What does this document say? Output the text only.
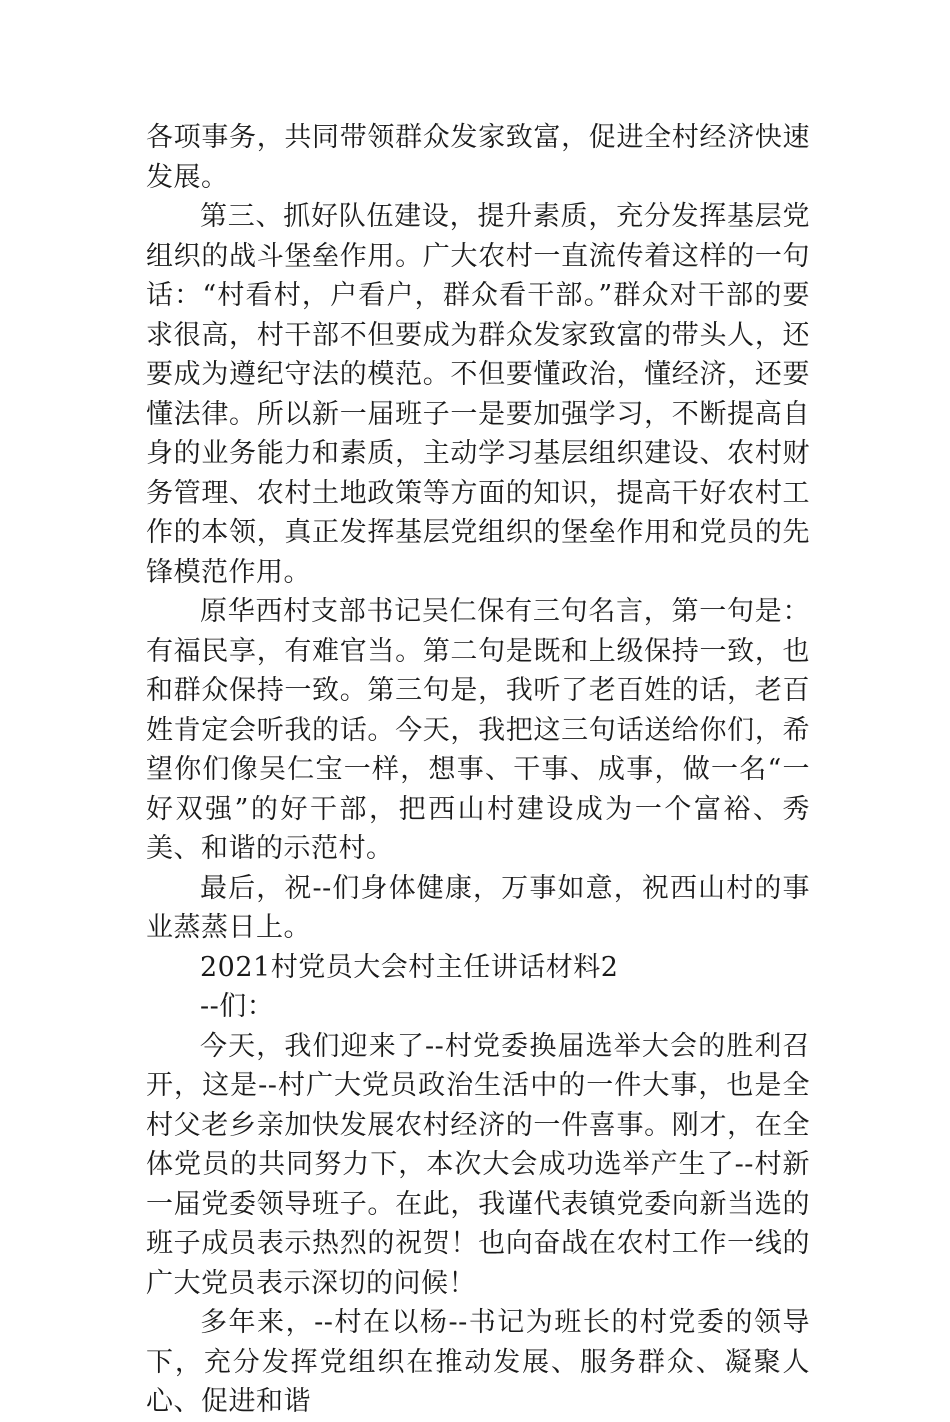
各项事务，共同带领群众发家致富，促进全村经济快速发展。

第三、抓好队伍建设，提升素质，充分发挥基层党组织的战斗堡垒作用。广大农村一直流传着这样的一句话：“村看村，户看户，群众看干部。”群众对干部的要求很高，村干部不但要成为群众发家致富的带头人，还要成为遵纪守法的模范。不但要懂政治，懂经济，还要懂法律。所以新一届班子一是要加强学习，不断提高自身的业务能力和素质，主动学习基层组织建设、农村财务管理、农村土地政策等方面的知识，提高干好农村工作的本领，真正发挥基层党组织的堡垒作用和党员的先锋模范作用。

原华西村支部书记吴仁保有三句名言，第一句是：有福民享，有难官当。第二句是既和上级保持一致，也和群众保持一致。第三句是，我听了老百姓的话，老百姓肯定会听我的话。今天，我把这三句话送给你们，希望你们像吴仁宝一样，想事、干事、成事，做一名“一好双强”的好干部，把西山村建设成为一个富裕、秀美、和谐的示范村。

最后，祝--们身体健康，万事如意，祝西山村的事业蒸蒸日上。

2021村党员大会村主任讲话材料2

--们：

今天，我们迎来了--村党委换届选举大会的胜利召开，这是--村广大党员政治生活中的一件大事，也是全村父老乡亲加快发展农村经济的一件喜事。刚才，在全体党员的共同努力下，本次大会成功选举产生了--村新一届党委领导班子。在此，我谨代表镇党委向新当选的班子成员表示热烈的祝贺！也向奋战在农村工作一线的广大党员表示深切的问候！

多年来，--村在以杨--书记为班长的村党委的领导下，充分发挥党组织在推动发展、服务群众、凝聚人心、促进和谐
